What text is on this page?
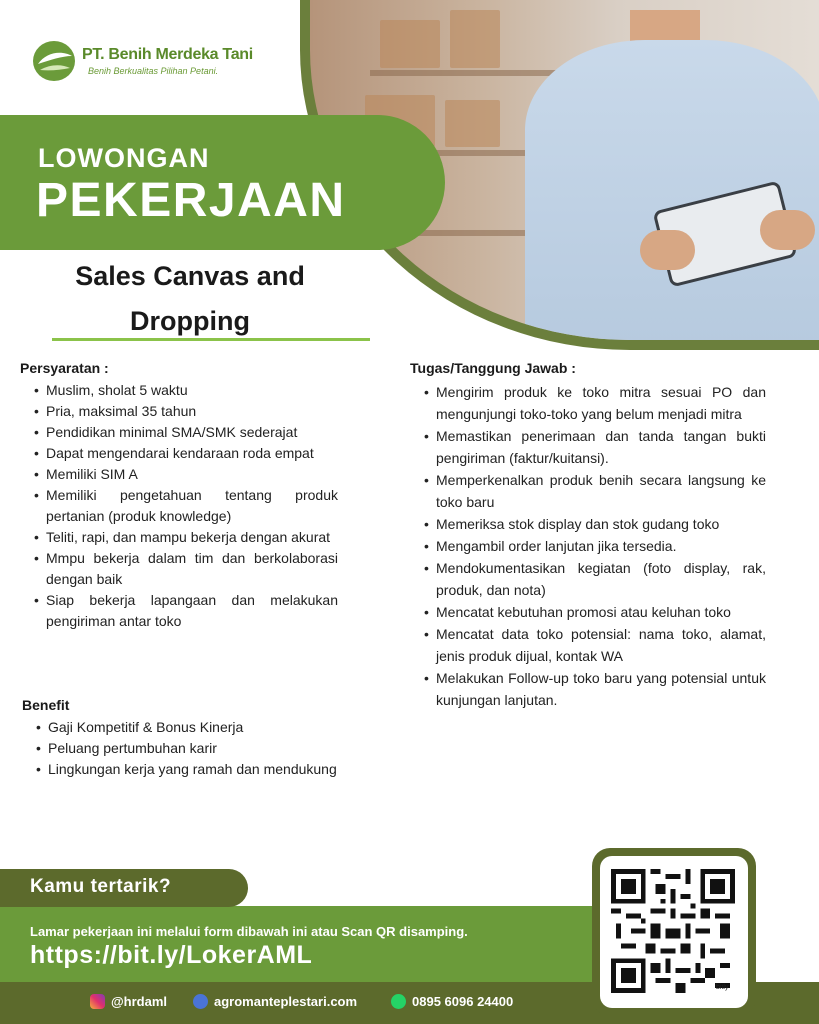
PT. Benih Merdeka Tani
Benih Berkualitas Pilihan Petani.
LOWONGAN
PEKERJAAN
Sales Canvas and
Dropping
Persyaratan :
• Muslim, sholat 5 waktu
• Pria, maksimal 35 tahun
• Pendidikan minimal SMA/SMK sederajat
• Dapat mengendarai kendaraan roda empat
• Memiliki SIM A
• Memiliki pengetahuan tentang produk pertanian (produk knowledge)
• Teliti, rapi, dan mampu bekerja dengan akurat
• Mmpu bekerja dalam tim dan berkolaborasi dengan baik
• Siap bekerja lapangaan dan melakukan pengiriman antar toko
Benefit
• Gaji Kompetitif & Bonus Kinerja
• Peluang pertumbuhan karir
• Lingkungan kerja yang ramah dan mendukung
Tugas/Tanggung Jawab :
• Mengirim produk ke toko mitra sesuai PO dan mengunjungi toko-toko yang belum menjadi mitra
• Memastikan penerimaan dan tanda tangan bukti pengiriman (faktur/kuitansi).
• Memperkenalkan produk benih secara langsung ke toko baru
• Memeriksa stok display dan stok gudang toko
• Mengambil order lanjutan jika tersedia.
• Mendokumentasikan kegiatan (foto display, rak, produk, dan nota)
• Mencatat kebutuhan promosi atau keluhan toko
• Mencatat data toko potensial: nama toko, alamat, jenis produk dijual, kontak WA
• Melakukan Follow-up toko baru yang potensial untuk kunjungan lanjutan.
Kamu tertarik?
Lamar pekerjaan ini melalui form dibawah ini atau Scan QR disamping.
https://bit.ly/LokerAML
bitly
@hrdaml	agromanteplestari.com	0895 6096 24400
